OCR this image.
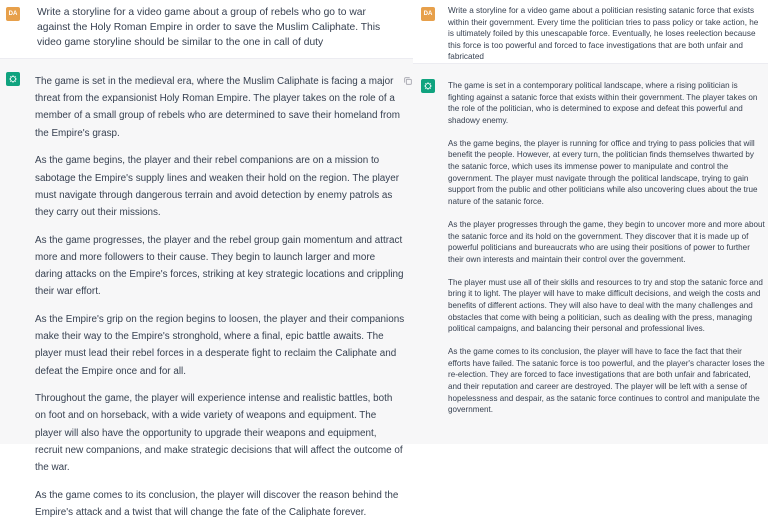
DA Write a storyline for a video game about a group of rebels who go to war against the Holy Roman Empire in order to save the Muslim Caliphate. This video game storyline should be similar to the one in call of duty

The game is set in the medieval era, where the Muslim Caliphate is facing a major threat from the expansionist Holy Roman Empire. The player takes on the role of a member of a small group of rebels who are determined to save their homeland from the Empire's grasp.

As the game begins, the player and their rebel companions are on a mission to sabotage the Empire's supply lines and weaken their hold on the region. The player must navigate through dangerous terrain and avoid detection by enemy patrols as they carry out their missions.

As the game progresses, the player and the rebel group gain momentum and attract more and more followers to their cause. They begin to launch larger and more daring attacks on the Empire's forces, striking at key strategic locations and crippling their war effort.

As the Empire's grip on the region begins to loosen, the player and their companions make their way to the Empire's stronghold, where a final, epic battle awaits. The player must lead their rebel forces in a desperate fight to reclaim the Caliphate and defeat the Empire once and for all.

Throughout the game, the player will experience intense and realistic battles, both on foot and on horseback, with a wide variety of weapons and equipment. The player will also have the opportunity to upgrade their weapons and equipment, recruit new companions, and make strategic decisions that will affect the outcome of the war.

As the game comes to its conclusion, the player will discover the reason behind the Empire's attack and a twist that will change the fate of the Caliphate forever.

DA	Write a storyline for a video game about a politician resisting satanic force that exists within their government. Every time the politician tries to pass policy or take action, he is ultimately foiled by this unescapable force. Eventually, he loses reelection because this force is too powerful and forced to face investigations that are both unfair and fabricated

The game is set in a contemporary political landscape, where a rising politician is fighting against a satanic force that exists within their government. The player takes on the role of the politician, who is determined to expose and defeat this powerful and shadowy enemy.

As the game begins, the player is running for office and trying to pass policies that will benefit the people. However, at every turn, the politician finds themselves thwarted by the satanic force, which uses its immense power to manipulate and control the government. The player must navigate through the political landscape, trying to gain support from the public and other politicians while also uncovering clues about the true nature of the satanic force.

As the player progresses through the game, they begin to uncover more and more about the satanic force and its hold on the government. They discover that it is made up of powerful politicians and bureaucrats who are using their positions of power to further their own interests and maintain their control over the government.

The player must use all of their skills and resources to try and stop the satanic force and bring it to light. The player will have to make difficult decisions, and weigh the costs and benefits of different actions. They will also have to deal with the many challenges and obstacles that come with being a politician, such as dealing with the press, managing political campaigns, and balancing their personal and professional lives.

As the game comes to its conclusion, the player will have to face the fact that their efforts have failed. The satanic force is too powerful, and the player's character loses the re-election. They are forced to face investigations that are both unfair and fabricated, and their reputation and career are destroyed. The player will be left with a sense of hopelessness and despair, as the satanic force continues to control and manipulate the government.
